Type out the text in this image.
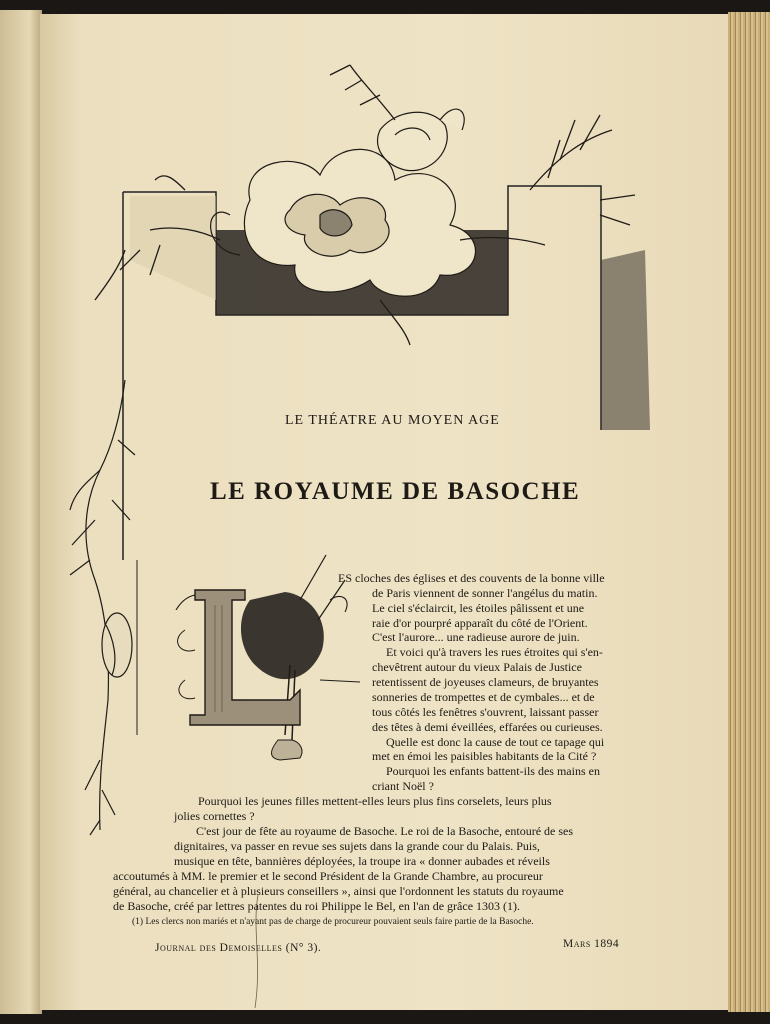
LE THÉATRE AU MOYEN AGE
LE ROYAUME DE BASOCHE
ES cloches des églises et des couvents de la bonne ville
de Paris viennent de sonner l'angélus du matin.
Le ciel s'éclaircit, les étoiles pâlissent et une
raie d'or pourpré apparaît du côté de l'Orient.
C'est l'aurore... une radieuse aurore de juin.
Et voici qu'à travers les rues étroites qui s'en-
chevêtrent autour du vieux Palais de Justice
retentissent de joyeuses clameurs, de bruyantes
sonneries de trompettes et de cymbales... et de
tous côtés les fenêtres s'ouvrent, laissant passer
des têtes à demi éveillées, effarées ou curieuses.
Quelle est donc la cause de tout ce tapage qui
met en émoi les paisibles habitants de la Cité ?
Pourquoi les enfants battent-ils des mains en
criant Noël ?
Pourquoi les jeunes filles mettent-elles leurs plus fins corselets, leurs plus
jolies cornettes ?
C'est jour de fête au royaume de Basoche. Le roi de la Basoche, entouré de ses
dignitaires, va passer en revue ses sujets dans la grande cour du Palais. Puis,
musique en tête, bannières déployées, la troupe ira « donner aubades et réveils
accoutumés à MM. le premier et le second Président de la Grande Chambre, au procureur
général, au chancelier et à plusieurs conseillers », ainsi que l'ordonnent les statuts du royaume
de Basoche, créé par lettres patentes du roi Philippe le Bel, en l'an de grâce 1303 (1).
(1) Les clercs non mariés et n'ayant pas de charge de procureur pouvaient seuls faire partie de la Basoche.
Journal des Demoiselles (N° 3).	Mars 1894
